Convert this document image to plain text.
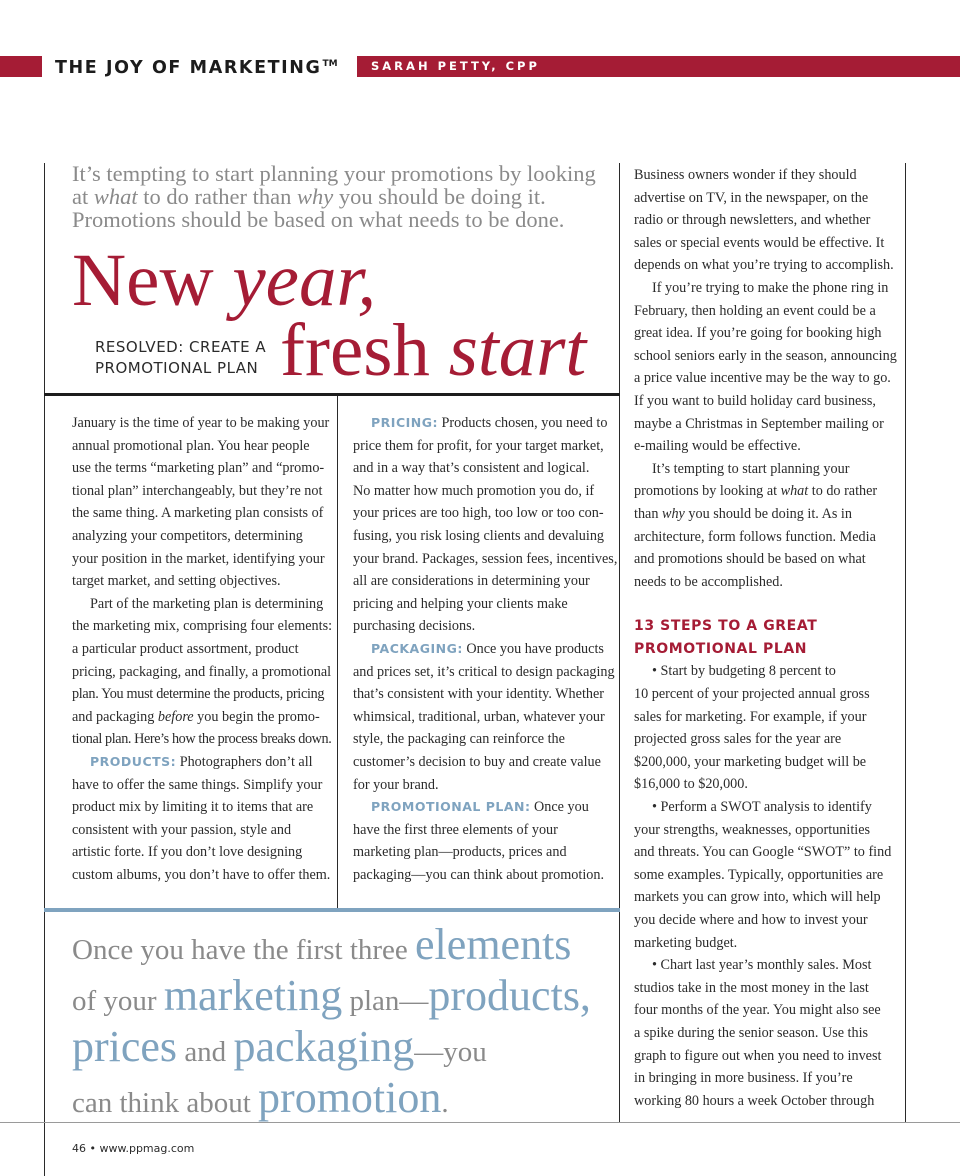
THE JOY OF MARKETING™	SARAH PETTY, CPP
It’s tempting to start planning your promotions by looking
at what to do rather than why you should be doing it.
Promotions should be based on what needs to be done.
New year,
fresh start
RESOLVED: CREATE A
PROMOTIONAL PLAN
January is the time of year to be making your
annual promotional plan. You hear people
use the terms “marketing plan” and “promo-
tional plan” interchangeably, but they’re not
the same thing. A marketing plan consists of
analyzing your competitors, determining
your position in the market, identifying your
target market, and setting objectives.
Part of the marketing plan is determining
the marketing mix, comprising four elements:
a particular product assortment, product
pricing, packaging, and finally, a promotional
plan. You must determine the products, pricing
and packaging before you begin the promo-
tional plan. Here’s how the process breaks down.
PRODUCTS: Photographers don’t all
have to offer the same things. Simplify your
product mix by limiting it to items that are
consistent with your passion, style and
artistic forte. If you don’t love designing
custom albums, you don’t have to offer them.
PRICING: Products chosen, you need to
price them for profit, for your target market,
and in a way that’s consistent and logical.
No matter how much promotion you do, if
your prices are too high, too low or too con-
fusing, you risk losing clients and devaluing
your brand. Packages, session fees, incentives,
all are considerations in determining your
pricing and helping your clients make
purchasing decisions.
PACKAGING: Once you have products
and prices set, it’s critical to design packaging
that’s consistent with your identity. Whether
whimsical, traditional, urban, whatever your
style, the packaging can reinforce the
customer’s decision to buy and create value
for your brand.
PROMOTIONAL PLAN: Once you
have the first three elements of your
marketing plan—products, prices and
packaging—you can think about promotion.
Business owners wonder if they should
advertise on TV, in the newspaper, on the
radio or through newsletters, and whether
sales or special events would be effective. It
depends on what you’re trying to accomplish.
If you’re trying to make the phone ring in
February, then holding an event could be a
great idea. If you’re going for booking high
school seniors early in the season, announcing
a price value incentive may be the way to go.
If you want to build holiday card business,
maybe a Christmas in September mailing or
e-mailing would be effective.
It’s tempting to start planning your
promotions by looking at what to do rather
than why you should be doing it. As in
architecture, form follows function. Media
and promotions should be based on what
needs to be accomplished.
13 STEPS TO A GREAT
PROMOTIONAL PLAN
• Start by budgeting 8 percent to
10 percent of your projected annual gross
sales for marketing. For example, if your
projected gross sales for the year are
$200,000, your marketing budget will be
$16,000 to $20,000.
• Perform a SWOT analysis to identify
your strengths, weaknesses, opportunities
and threats. You can Google “SWOT” to find
some examples. Typically, opportunities are
markets you can grow into, which will help
you decide where and how to invest your
marketing budget.
• Chart last year’s monthly sales. Most
studios take in the most money in the last
four months of the year. You might also see
a spike during the senior season. Use this
graph to figure out when you need to invest
in bringing in more business. If you’re
working 80 hours a week October through
Once you have the first three elements
of your marketing plan—products,
prices and packaging—you
can think about promotion.
46 • www.ppmag.com
